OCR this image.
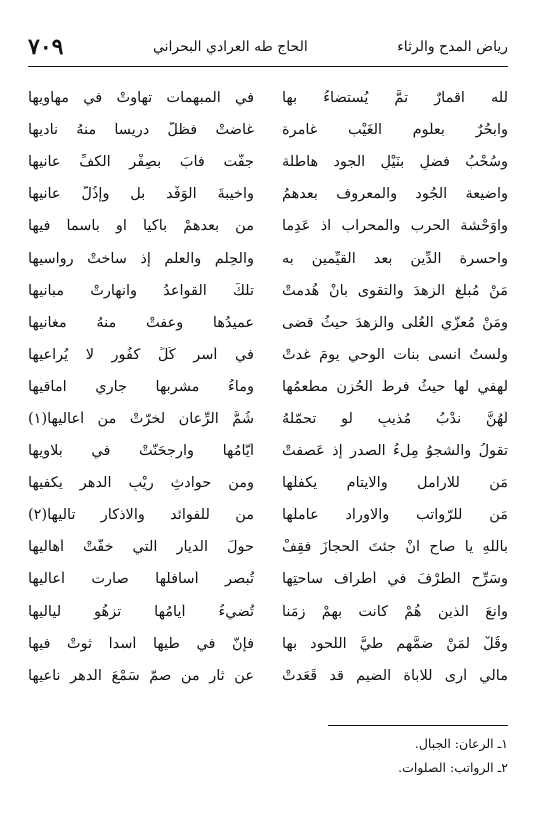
رياض المدح والرثاء
الحاج طه العرادي البحراني
٧٠٩
لله اقمارٌ تمَّ يُستضاءُ بها
في المبهمات تهاوتْ في مهاويها
وابحُرٌ بعلُوم الغَيْب غامرة
غاضتْ فظلَّ دريساً منهُ ناديها
وسُحْبُ فضلٍ بنَيْلِ الجود هاطلة
جفّت فآبَ بصِفْرِ الكفِّ عانيها
واضيعة الجُود والمعروف بعدهمُ
واخيبةَ الوَفْد بل وإذُلَّ عانيها
واوَحْشة الحرب والمحراب اذ عَدِما
من بعدهمْ باكياً او باسماً فيها
واحسرة الدِّين بعد القيِّمين به
والحِلم والعلم إذ ساختْ رواسيها
مَنْ مُبلغ الزهدَ والتقوى بانْ هُدمتْ
تلكَ القواعدُ وانهارتْ مبانيها
ومَنْ مُعزّي العُلى والزهدَ حيثُ قضى
عميدُها وعفتْ منهُ مغانيها
ولستُ انسى بنات الوحي يومَ غدتْ
في أسرِ كُلِّ كفُورٍ لا يُراعيها
لهفي لها حيثُ فرطُ الحُزن مطعمُها
وماءُ مشربها جاري اماقيها
لَهُنَّ ندْبُ مُذيبٍ لو تحمّلهُ
شُمُّ الرِّعان لخرّتْ من أعاليها(١)
تقولُ والشجوُ مِلءُ الصدر إذ عَصفتْ
أيّامُها وارجحَنّتْ في بلاويها
مَن للارامل والايتام يكفلُها
ومن حوادثِ ريْبِ الدهر يكفيها
مَن للرّواتب والاوراد عاملُها
من للفوائد والاذكار تاليها(٢)
باللهِ يا صاح انْ جئتَ الحجازَ فقِفْ
حولَ الديار التي خفّتْ أهاليها
وسَرِّح الطرْفَ في أطراف ساحتِها
تُبصر أسافلَها صارت أعاليها
وانعَ الذين هُمْ كانت بهمْ زمَناً
تُضيءُ أيامُها تزهُو لياليها
وقُلْ لمَنْ ضمَّهم طيُّ اللّحود بها
فإنّ في طيها أسداً ثوتْ فيها
مالي أرى للاباة الضيم قد قَعَدتْ
عن ثارٍ من صمّ سَمْعَ الدهرِ ناعيها
١ـ الرعان: الجبال.
٢ـ الرواتب: الصلوات.
